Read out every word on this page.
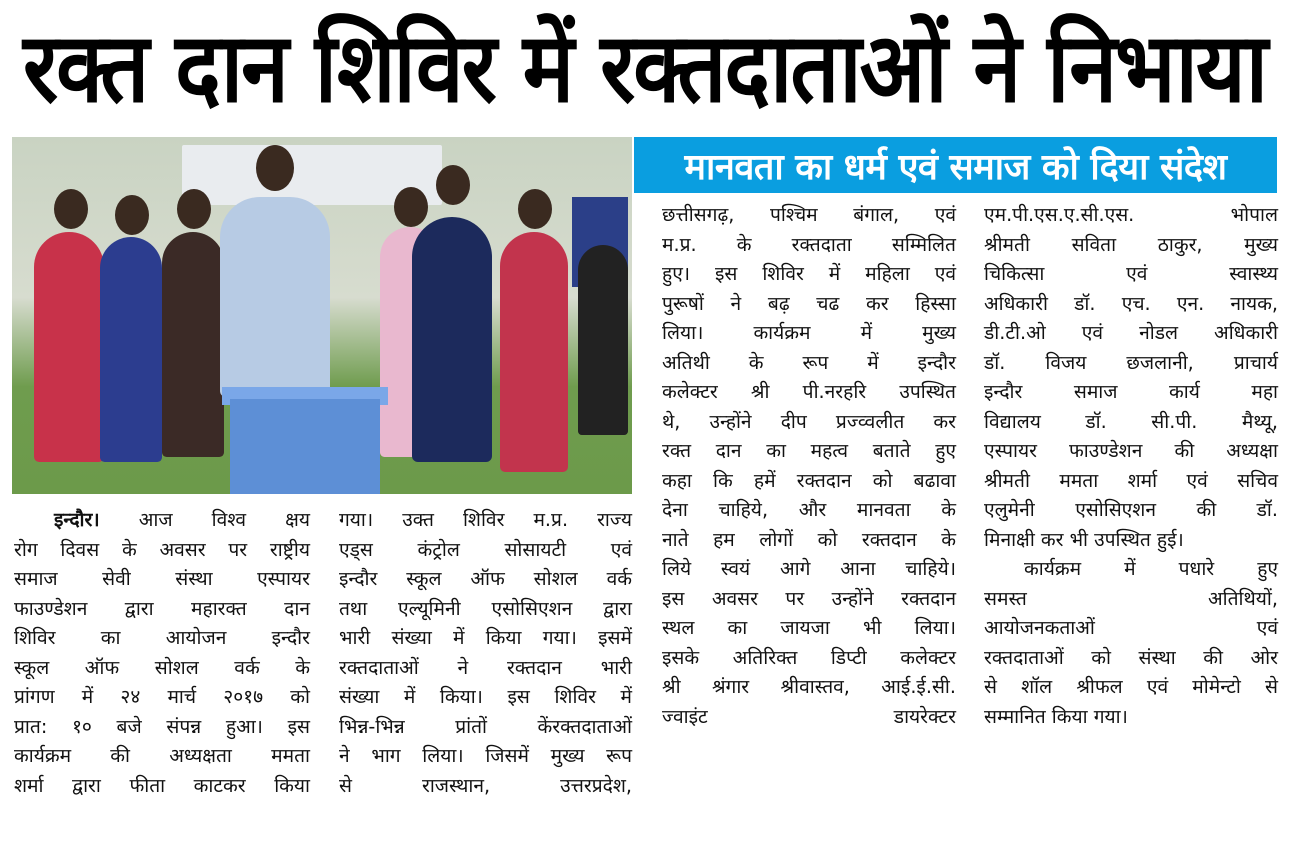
रक्त दान शिविर में रक्तदाताओं ने निभाया
मानवता का धर्म एवं समाज को दिया संदेश
इन्दौर। आज विश्व क्षय
रोग दिवस के अवसर पर राष्ट्रीय
समाज सेवी संस्था एस्पायर
फाउण्डेशन द्वारा महारक्त दान
शिविर का आयोजन इन्दौर
स्कूल ऑफ सोशल वर्क के
प्रांगण में २४ मार्च २०१७ को
प्रात: १० बजे संपन्न हुआ। इस
कार्यक्रम की अध्यक्षता ममता
शर्मा द्वारा फीता काटकर किया
गया। उक्त शिविर म.प्र. राज्य
एड्स कंट्रोल सोसायटी एवं
इन्दौर स्कूल ऑफ सोशल वर्क
तथा एल्यूमिनी एसोसिएशन द्वारा
भारी संख्या में किया गया। इसमें
रक्तदाताओं ने रक्तदान भारी
संख्या में किया। इस शिविर में
भिन्न-भिन्न प्रांतों केंरक्तदाताओं
ने भाग लिया। जिसमें मुख्य रूप
से राजस्थान, उत्तरप्रदेश,
छत्तीसगढ़, पश्चिम बंगाल, एवं
म.प्र. के रक्तदाता सम्मिलित
हुए। इस शिविर में महिला एवं
पुरूषों ने बढ़ चढ कर हिस्सा
लिया। कार्यक्रम में मुख्य
अतिथी के रूप में इन्दौर
कलेक्टर श्री पी.नरहरि उपस्थित
थे, उन्होंने दीप प्रज्व्वलीत कर
रक्त दान का महत्व बताते हुए
कहा कि हमें रक्तदान को बढावा
देना चाहिये, और मानवता के
नाते हम लोगों को रक्तदान के
लिये स्वयं आगे आना चाहिये।
इस अवसर पर उन्होंने रक्तदान
स्थल का जायजा भी लिया।
इसके अतिरिक्त डिप्टी कलेक्टर
श्री श्रंगार श्रीवास्तव, आई.ई.सी.
ज्वाइंट डायरेक्टर
एम.पी.एस.ए.सी.एस. भोपाल
श्रीमती सविता ठाकुर, मुख्य
चिकित्सा एवं स्वास्थ्य
अधिकारी डॉ. एच. एन. नायक,
डी.टी.ओ एवं नोडल अधिकारी
डॉ. विजय छजलानी, प्राचार्य
इन्दौर समाज कार्य महा
विद्यालय डॉ. सी.पी. मैथ्यू,
एस्पायर फाउण्डेशन की अध्यक्षा
श्रीमती ममता शर्मा एवं सचिव
एलुमेनी एसोसिएशन की डॉ.
मिनाक्षी कर भी उपस्थित हुई।
कार्यक्रम में पधारे हुए
समस्त अतिथियों,
आयोजनकताओं एवं
रक्तदाताओं को संस्था की ओर
से शॉल श्रीफल एवं मोमेन्टो से
सम्मानित किया गया।
